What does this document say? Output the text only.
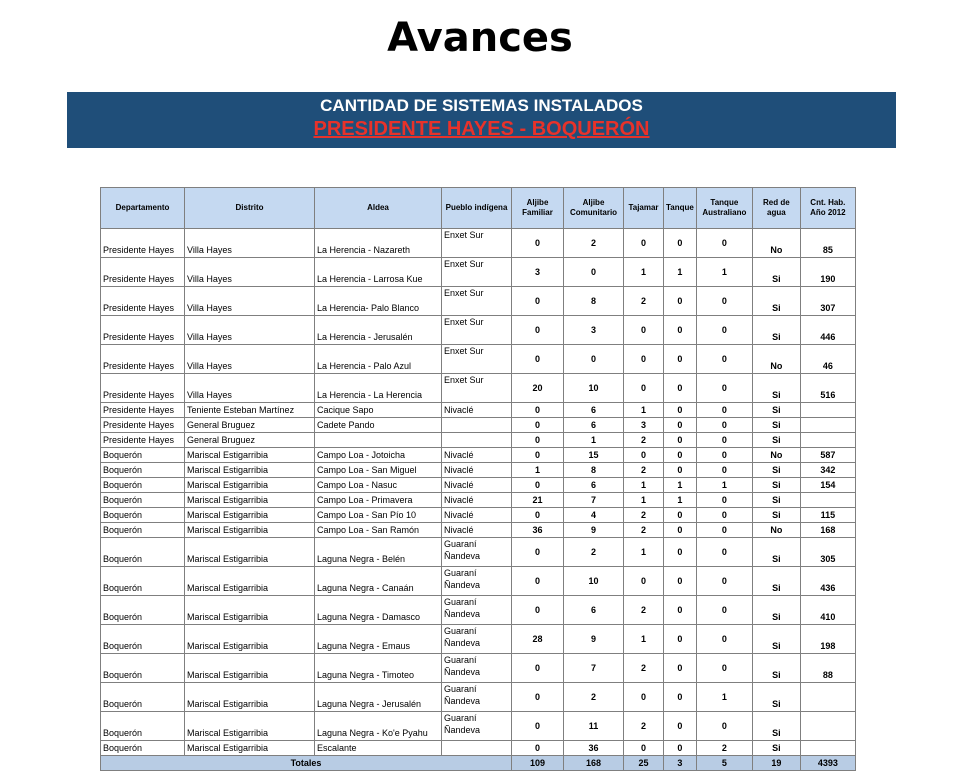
Avances
CANTIDAD DE SISTEMAS INSTALADOS
PRESIDENTE HAYES - BOQUERÓN
Departamento	Distrito	Aldea	Pueblo indígena	Aljibe Familiar	Aljibe Comunitario	Tajamar	Tanque	Tanque Australiano	Red de agua	Cnt. Hab. Año 2012
Presidente Hayes	Villa Hayes	La Herencia - Nazareth	Enxet Sur	0	2	0	0	0	No	85
Presidente Hayes	Villa Hayes	La Herencia - Larrosa Kue	Enxet Sur	3	0	1	1	1	Si	190
Presidente Hayes	Villa Hayes	La Herencia- Palo Blanco	Enxet Sur	0	8	2	0	0	Si	307
Presidente Hayes	Villa Hayes	La Herencia - Jerusalén	Enxet Sur	0	3	0	0	0	Si	446
Presidente Hayes	Villa Hayes	La Herencia - Palo Azul	Enxet Sur	0	0	0	0	0	No	46
Presidente Hayes	Villa Hayes	La Herencia - La Herencia	Enxet Sur	20	10	0	0	0	Si	516
Presidente Hayes	Teniente Esteban Martínez	Cacique Sapo	Nivaclé	0	6	1	0	0	Si	
Presidente Hayes	General Bruguez	Cadete Pando		0	6	3	0	0	Si	
Presidente Hayes	General Bruguez			0	1	2	0	0	Si	
Boquerón	Mariscal Estigarribia	Campo Loa - Jotoicha	Nivaclé	0	15	0	0	0	No	587
Boquerón	Mariscal Estigarribia	Campo Loa - San Miguel	Nivaclé	1	8	2	0	0	Si	342
Boquerón	Mariscal Estigarribia	Campo Loa - Nasuc	Nivaclé	0	6	1	1	1	Si	154
Boquerón	Mariscal Estigarribia	Campo Loa - Primavera	Nivaclé	21	7	1	1	0	Si	
Boquerón	Mariscal Estigarribia	Campo Loa - San Pío 10	Nivaclé	0	4	2	0	0	Si	115
Boquerón	Mariscal Estigarribia	Campo Loa - San Ramón	Nivaclé	36	9	2	0	0	No	168
Boquerón	Mariscal Estigarribia	Laguna Negra - Belén	Guaraní Ñandeva	0	2	1	0	0	Si	305
Boquerón	Mariscal Estigarribia	Laguna Negra - Canaán	Guaraní Ñandeva	0	10	0	0	0	Si	436
Boquerón	Mariscal Estigarribia	Laguna Negra - Damasco	Guaraní Ñandeva	0	6	2	0	0	Si	410
Boquerón	Mariscal Estigarribia	Laguna Negra - Emaus	Guaraní Ñandeva	28	9	1	0	0	Si	198
Boquerón	Mariscal Estigarribia	Laguna Negra - Timoteo	Guaraní Ñandeva	0	7	2	0	0	Si	88
Boquerón	Mariscal Estigarribia	Laguna Negra - Jerusalén	Guaraní Ñandeva	0	2	0	0	1	Si	
Boquerón	Mariscal Estigarribia	Laguna Negra - Ko'e Pyahu	Guaraní Ñandeva	0	11	2	0	0	Si	
Boquerón	Mariscal Estigarribia	Escalante		0	36	0	0	2	Si	
Totales				109	168	25	3	5	19	4393
